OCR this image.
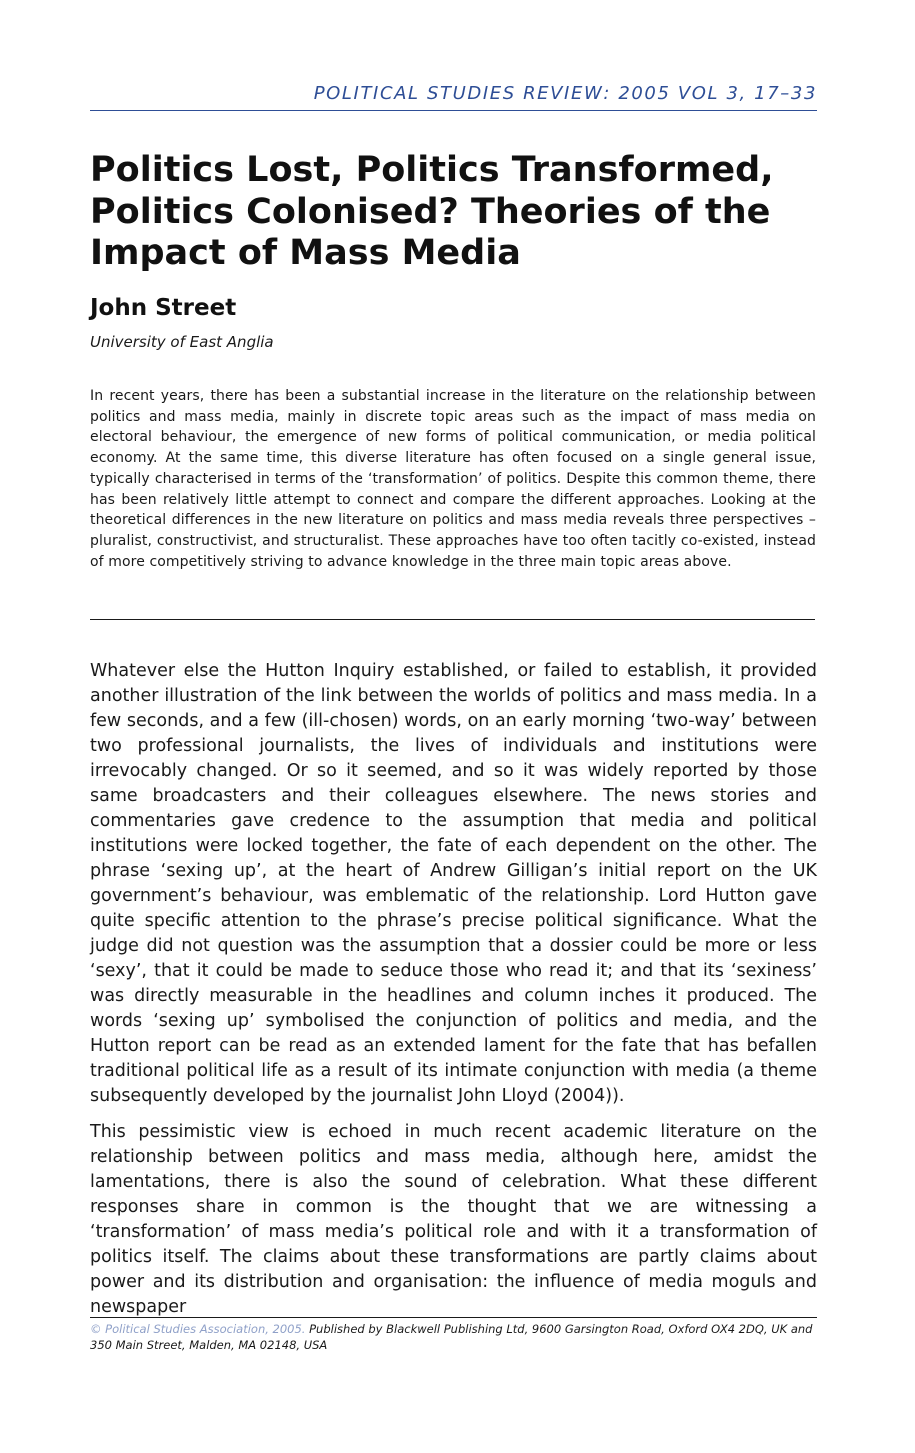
POLITICAL STUDIES REVIEW: 2005 VOL 3, 17–33
Politics Lost, Politics Transformed, Politics Colonised? Theories of the Impact of Mass Media
John Street

University of East Anglia

In recent years, there has been a substantial increase in the literature on the relationship between politics and mass media, mainly in discrete topic areas such as the impact of mass media on electoral behaviour, the emergence of new forms of political communication, or media political economy. At the same time, this diverse literature has often focused on a single general issue, typically characterised in terms of the ‘transformation’ of politics. Despite this common theme, there has been relatively little attempt to connect and compare the different approaches. Looking at the theoretical differences in the new literature on politics and mass media reveals three perspectives – pluralist, constructivist, and structuralist. These approaches have too often tacitly co-existed, instead of more competitively striving to advance knowledge in the three main topic areas above.

Whatever else the Hutton Inquiry established, or failed to establish, it provided another illustration of the link between the worlds of politics and mass media. In a few seconds, and a few (ill-chosen) words, on an early morning ‘two-way’ between two professional journalists, the lives of individuals and institutions were irrevocably changed. Or so it seemed, and so it was widely reported by those same broadcasters and their colleagues elsewhere. The news stories and commentaries gave credence to the assumption that media and political institutions were locked together, the fate of each dependent on the other. The phrase ‘sexing up’, at the heart of Andrew Gilligan’s initial report on the UK government’s behaviour, was emblematic of the relationship. Lord Hutton gave quite specific attention to the phrase’s precise political significance. What the judge did not question was the assumption that a dossier could be more or less ‘sexy’, that it could be made to seduce those who read it; and that its ‘sexiness’ was directly measurable in the headlines and column inches it produced. The words ‘sexing up’ symbolised the conjunction of politics and media, and the Hutton report can be read as an extended lament for the fate that has befallen traditional political life as a result of its intimate conjunction with media (a theme subsequently developed by the journalist John Lloyd (2004)).

This pessimistic view is echoed in much recent academic literature on the relationship between politics and mass media, although here, amidst the lamentations, there is also the sound of celebration. What these different responses share in common is the thought that we are witnessing a ‘transformation’ of mass media’s political role and with it a transformation of politics itself. The claims about these transformations are partly claims about power and its distribution and organisation: the influence of media moguls and newspaper

© Political Studies Association, 2005. Published by Blackwell Publishing Ltd, 9600 Garsington Road, Oxford OX4 2DQ, UK and 350 Main Street, Malden, MA 02148, USA
